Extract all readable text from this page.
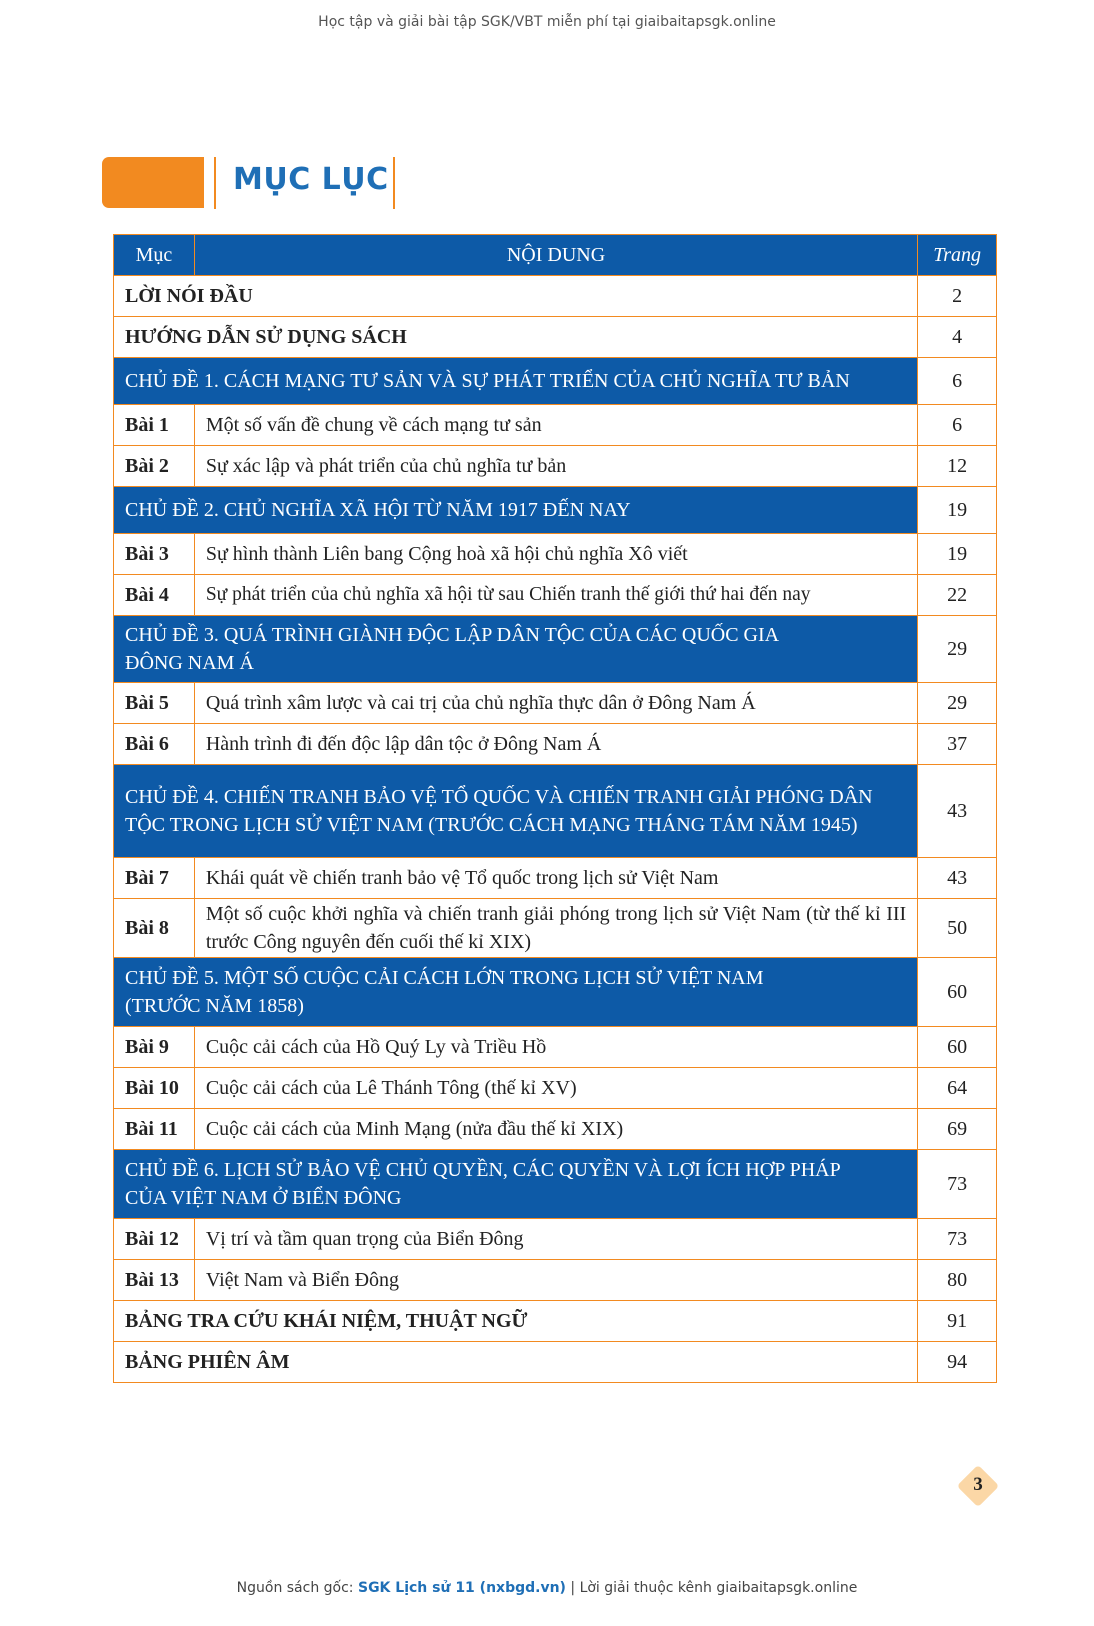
Học tập và giải bài tập SGK/VBT miễn phí tại giaibaitapsgk.online
MỤC LỤC
Mục	NỘI DUNG	Trang
LỜI NÓI ĐẦU		2
HƯỚNG DẪN SỬ DỤNG SÁCH		4
CHỦ ĐỀ 1. CÁCH MẠNG TƯ SẢN VÀ SỰ PHÁT TRIỂN CỦA CHỦ NGHĨA TƯ BẢN		6
Bài 1	Một số vấn đề chung về cách mạng tư sản	6
Bài 2	Sự xác lập và phát triển của chủ nghĩa tư bản	12
CHỦ ĐỀ 2. CHỦ NGHĨA XÃ HỘI TỪ NĂM 1917 ĐẾN NAY		19
Bài 3	Sự hình thành Liên bang Cộng hoà xã hội chủ nghĩa Xô viết	19
Bài 4	Sự phát triển của chủ nghĩa xã hội từ sau Chiến tranh thế giới thứ hai đến nay	22
CHỦ ĐỀ 3. QUÁ TRÌNH GIÀNH ĐỘC LẬP DÂN TỘC CỦA CÁC QUỐC GIA ĐÔNG NAM Á		29
Bài 5	Quá trình xâm lược và cai trị của chủ nghĩa thực dân ở Đông Nam Á	29
Bài 6	Hành trình đi đến độc lập dân tộc ở Đông Nam Á	37
CHỦ ĐỀ 4. CHIẾN TRANH BẢO VỆ TỔ QUỐC VÀ CHIẾN TRANH GIẢI PHÓNG DÂN TỘC TRONG LỊCH SỬ VIỆT NAM (TRƯỚC CÁCH MẠNG THÁNG TÁM NĂM 1945)		43
Bài 7	Khái quát về chiến tranh bảo vệ Tổ quốc trong lịch sử Việt Nam	43
Bài 8	Một số cuộc khởi nghĩa và chiến tranh giải phóng trong lịch sử Việt Nam (từ thế kỉ III trước Công nguyên đến cuối thế kỉ XIX)	50
CHỦ ĐỀ 5. MỘT SỐ CUỘC CẢI CÁCH LỚN TRONG LỊCH SỬ VIỆT NAM (TRƯỚC NĂM 1858)		60
Bài 9	Cuộc cải cách của Hồ Quý Ly và Triều Hồ	60
Bài 10	Cuộc cải cách của Lê Thánh Tông (thế kỉ XV)	64
Bài 11	Cuộc cải cách của Minh Mạng (nửa đầu thế kỉ XIX)	69
CHỦ ĐỀ 6. LỊCH SỬ BẢO VỆ CHỦ QUYỀN, CÁC QUYỀN VÀ LỢI ÍCH HỢP PHÁP CỦA VIỆT NAM Ở BIỂN ĐÔNG		73
Bài 12	Vị trí và tầm quan trọng của Biển Đông	73
Bài 13	Việt Nam và Biển Đông	80
BẢNG TRA CỨU KHÁI NIỆM, THUẬT NGỮ		91
BẢNG PHIÊN ÂM		94
3
Nguồn sách gốc: SGK Lịch sử 11 (nxbgd.vn) | Lời giải thuộc kênh giaibaitapsgk.online
